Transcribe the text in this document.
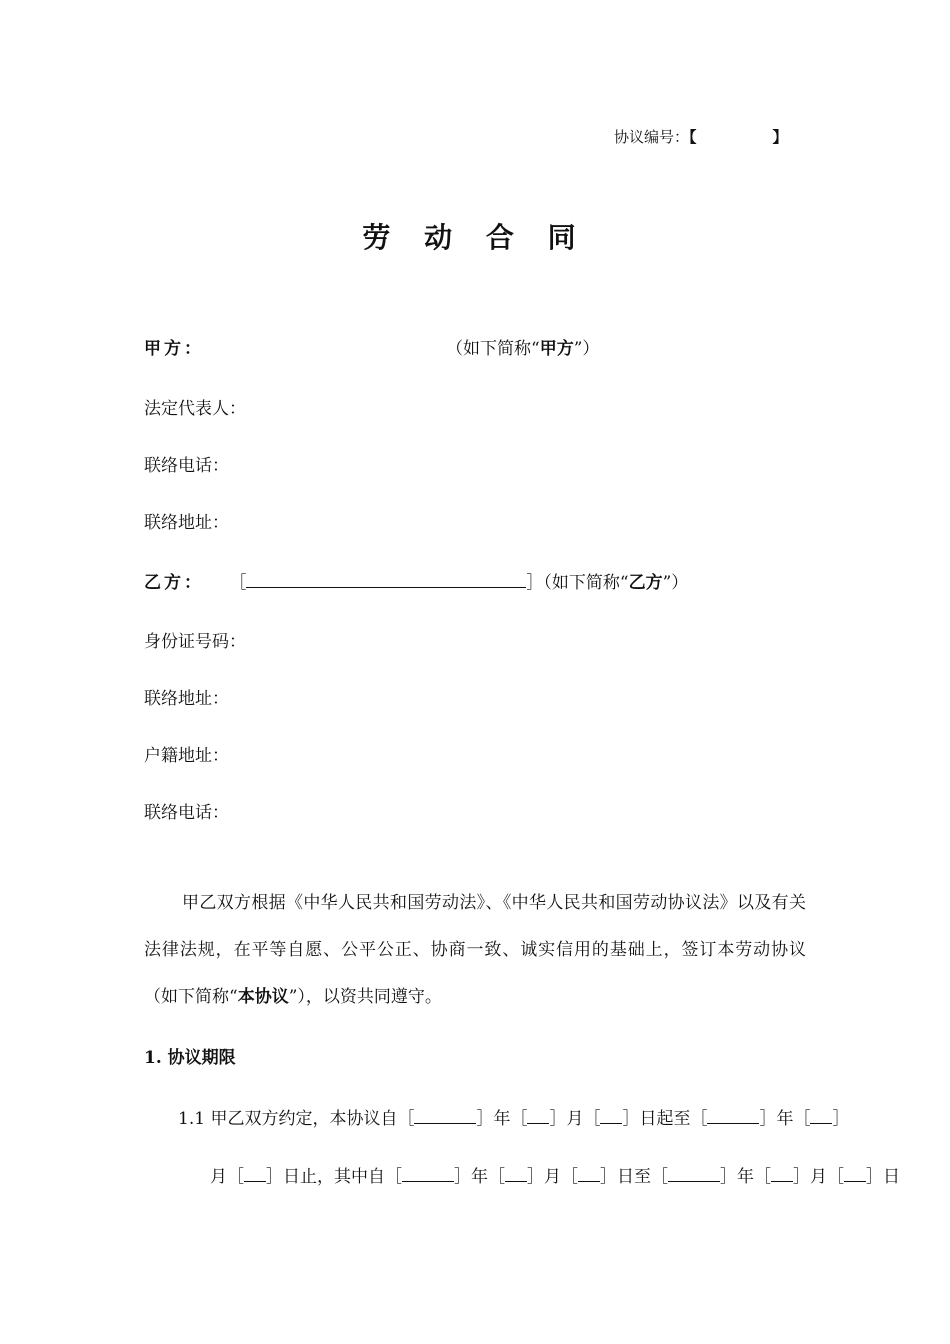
协议编号：【	】
劳 动 合 同
甲方：	（如下简称“甲方”）
法定代表人：
联络电话：
联络地址：
乙方： ［	］（如下简称“乙方”）
身份证号码：
联络地址：
户籍地址：
联络电话：
甲乙双方根据《中华人民共和国劳动法》、《中华人民共和国劳动协议法》以及有关法律法规，在平等自愿、公平公正、协商一致、诚实信用的基础上，签订本劳动协议（如下简称“本协议”），以资共同遵守。
1. 协议期限
1.1 甲乙双方约定，本协议自［	］年［ ］月［ ］日起至［	］年［ ］
月［ ］日止，其中自［	］年［ ］月［ ］日至［	］年［ ］月［ ］日
